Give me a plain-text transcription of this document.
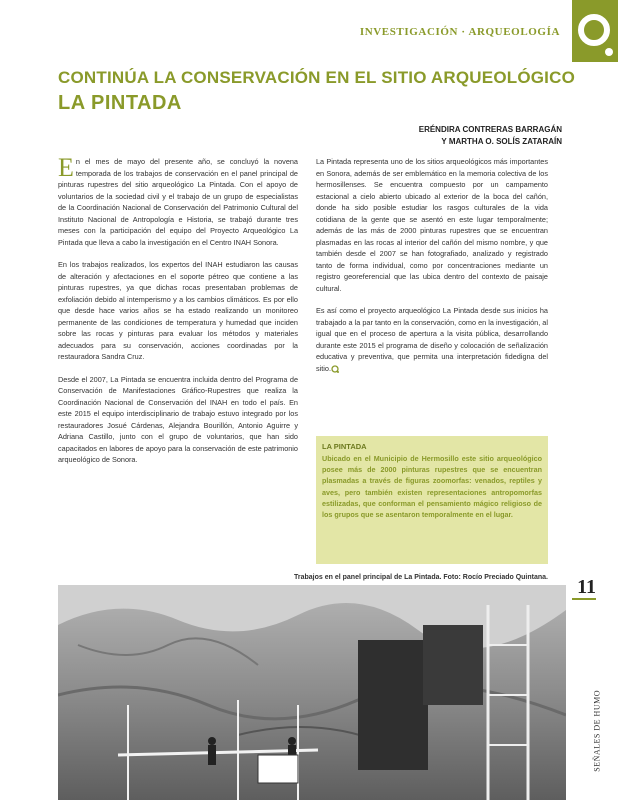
INVESTIGACIÓN · ARQUEOLOGÍA
CONTINÚA LA CONSERVACIÓN EN EL SITIO ARQUEOLÓGICO
LA PINTADA
ERÉNDIRA CONTRERAS BARRAGÁN
Y MARTHA O. SOLÍS ZATARAÍN

En el mes de mayo del presente año, se concluyó la novena temporada de los trabajos de conservación en el panel principal de pinturas rupestres del sitio arqueológico La Pintada. Con el apoyo de voluntarios de la sociedad civil y el trabajo de un grupo de especialistas de la Coordinación Nacional de Conservación del Patrimonio Cultural del Instituto Nacional de Antropología e Historia, se trabajó durante tres meses con la participación del equipo del Proyecto Arqueológico La Pintada que lleva a cabo la investigación en el Centro INAH Sonora.

En los trabajos realizados, los expertos del INAH estudiaron las causas de alteración y afectaciones en el soporte pétreo que contiene a las pinturas rupestres, ya que dichas rocas presentaban problemas de exfoliación debido al intemperismo y a los cambios climáticos. Es por ello que desde hace varios años se ha estado realizando un monitoreo permanente de las condiciones de temperatura y humedad que inciden sobre las rocas y pinturas para evaluar los métodos y materiales adecuados para su conservación, acciones coordinadas por la restauradora Sandra Cruz.

Desde el 2007, La Pintada se encuentra incluida dentro del Programa de Conservación de Manifestaciones Gráfico-Rupestres que realiza la Coordinación Nacional de Conservación del INAH en todo el país. En este 2015 el equipo interdisciplinario de trabajo estuvo integrado por los restauradores Josué Cárdenas, Alejandra Bourillón, Antonio Aguirre y Adriana Castillo, junto con el grupo de voluntarios, que han sido capacitados en labores de apoyo para la conservación de este patrimonio arqueológico de Sonora.

La Pintada representa uno de los sitios arqueológicos más importantes en Sonora, además de ser emblemático en la memoria colectiva de los hermosillenses. Se encuentra compuesto por un campamento estacional a cielo abierto ubicado al exterior de la boca del cañón, donde ha sido posible estudiar los rasgos culturales de la vida cotidiana de la gente que se asentó en este lugar temporalmente; además de las más de 2000 pinturas rupestres que se encuentran plasmadas en las rocas al interior del cañón del mismo nombre, y que también desde el 2007 se han fotografiado, analizado y registrado tanto de forma individual, como por concentraciones mediante un registro georeferencial que las ubica dentro del contexto de paisaje cultural.

Es así como el proyecto arqueológico La Pintada desde sus inicios ha trabajado a la par tanto en la conservación, como en la investigación, al igual que en el proceso de apertura a la visita pública, desarrollando durante este 2015 el programa de diseño y colocación de señalización educativa y preventiva, que permita una interpretación fidedigna del sitio.

LA PINTADA
Ubicado en el Municipio de Hermosillo este sitio arqueológico posee más de 2000 pinturas rupestres que se encuentran plasmadas a través de figuras zoomorfas: venados, reptiles y aves, pero también existen representaciones antropomorfas estilizadas, que conforman el pensamiento mágico religioso de los grupos que se asentaron temporalmente en el lugar.
Trabajos en el panel principal de La Pintada. Foto: Rocío Preciado Quintana. 11
SEÑALES DE HUMO
